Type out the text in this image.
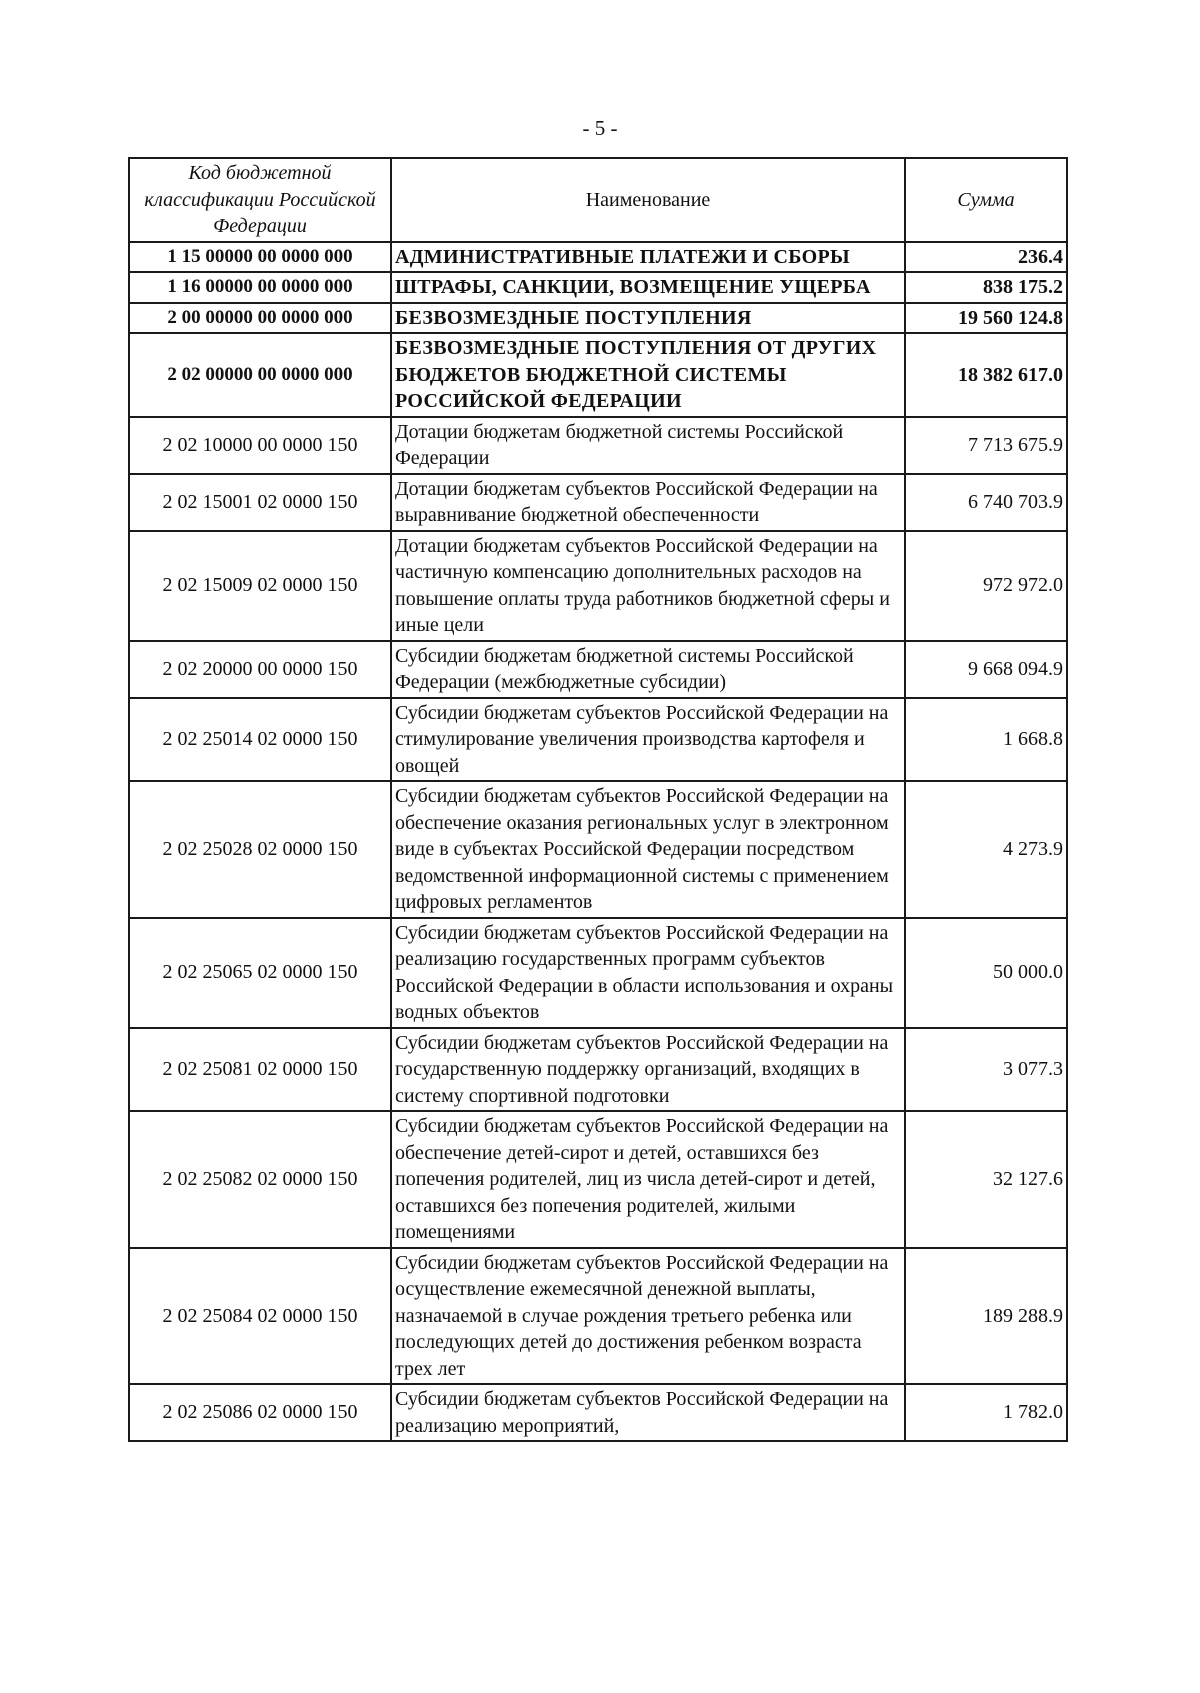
- 5 -
Код бюджетной классификации Российской Федерации	Наименование	Сумма
1 15 00000 00 0000 000	АДМИНИСТРАТИВНЫЕ ПЛАТЕЖИ И СБОРЫ	236.4
1 16 00000 00 0000 000	ШТРАФЫ, САНКЦИИ, ВОЗМЕЩЕНИЕ УЩЕРБА	838 175.2
2 00 00000 00 0000 000	БЕЗВОЗМЕЗДНЫЕ ПОСТУПЛЕНИЯ	19 560 124.8
2 02 00000 00 0000 000	БЕЗВОЗМЕЗДНЫЕ ПОСТУПЛЕНИЯ ОТ ДРУГИХ БЮДЖЕТОВ БЮДЖЕТНОЙ СИСТЕМЫ РОССИЙСКОЙ ФЕДЕРАЦИИ	18 382 617.0
2 02 10000 00 0000 150	Дотации бюджетам бюджетной системы Российской Федерации	7 713 675.9
2 02 15001 02 0000 150	Дотации бюджетам субъектов Российской Федерации на выравнивание бюджетной обеспеченности	6 740 703.9
2 02 15009 02 0000 150	Дотации бюджетам субъектов Российской Федерации на частичную компенсацию дополнительных расходов на повышение оплаты труда работников бюджетной сферы и иные цели	972 972.0
2 02 20000 00 0000 150	Субсидии бюджетам бюджетной системы Российской Федерации (межбюджетные субсидии)	9 668 094.9
2 02 25014 02 0000 150	Субсидии бюджетам субъектов Российской Федерации на стимулирование увеличения производства картофеля и овощей	1 668.8
2 02 25028 02 0000 150	Субсидии бюджетам субъектов Российской Федерации на обеспечение оказания региональных услуг в электронном виде в субъектах Российской Федерации посредством ведомственной информационной системы с применением цифровых регламентов	4 273.9
2 02 25065 02 0000 150	Субсидии бюджетам субъектов Российской Федерации на реализацию государственных программ субъектов Российской Федерации в области использования и охраны водных объектов	50 000.0
2 02 25081 02 0000 150	Субсидии бюджетам субъектов Российской Федерации на государственную поддержку организаций, входящих в систему спортивной подготовки	3 077.3
2 02 25082 02 0000 150	Субсидии бюджетам субъектов Российской Федерации на обеспечение детей-сирот и детей, оставшихся без попечения родителей, лиц из числа детей-сирот и детей, оставшихся без попечения родителей, жилыми помещениями	32 127.6
2 02 25084 02 0000 150	Субсидии бюджетам субъектов Российской Федерации на осуществление ежемесячной денежной выплаты, назначаемой в случае рождения третьего ребенка или последующих детей до достижения ребенком возраста трех лет	189 288.9
2 02 25086 02 0000 150	Субсидии бюджетам субъектов Российской Федерации на реализацию мероприятий,	1 782.0
